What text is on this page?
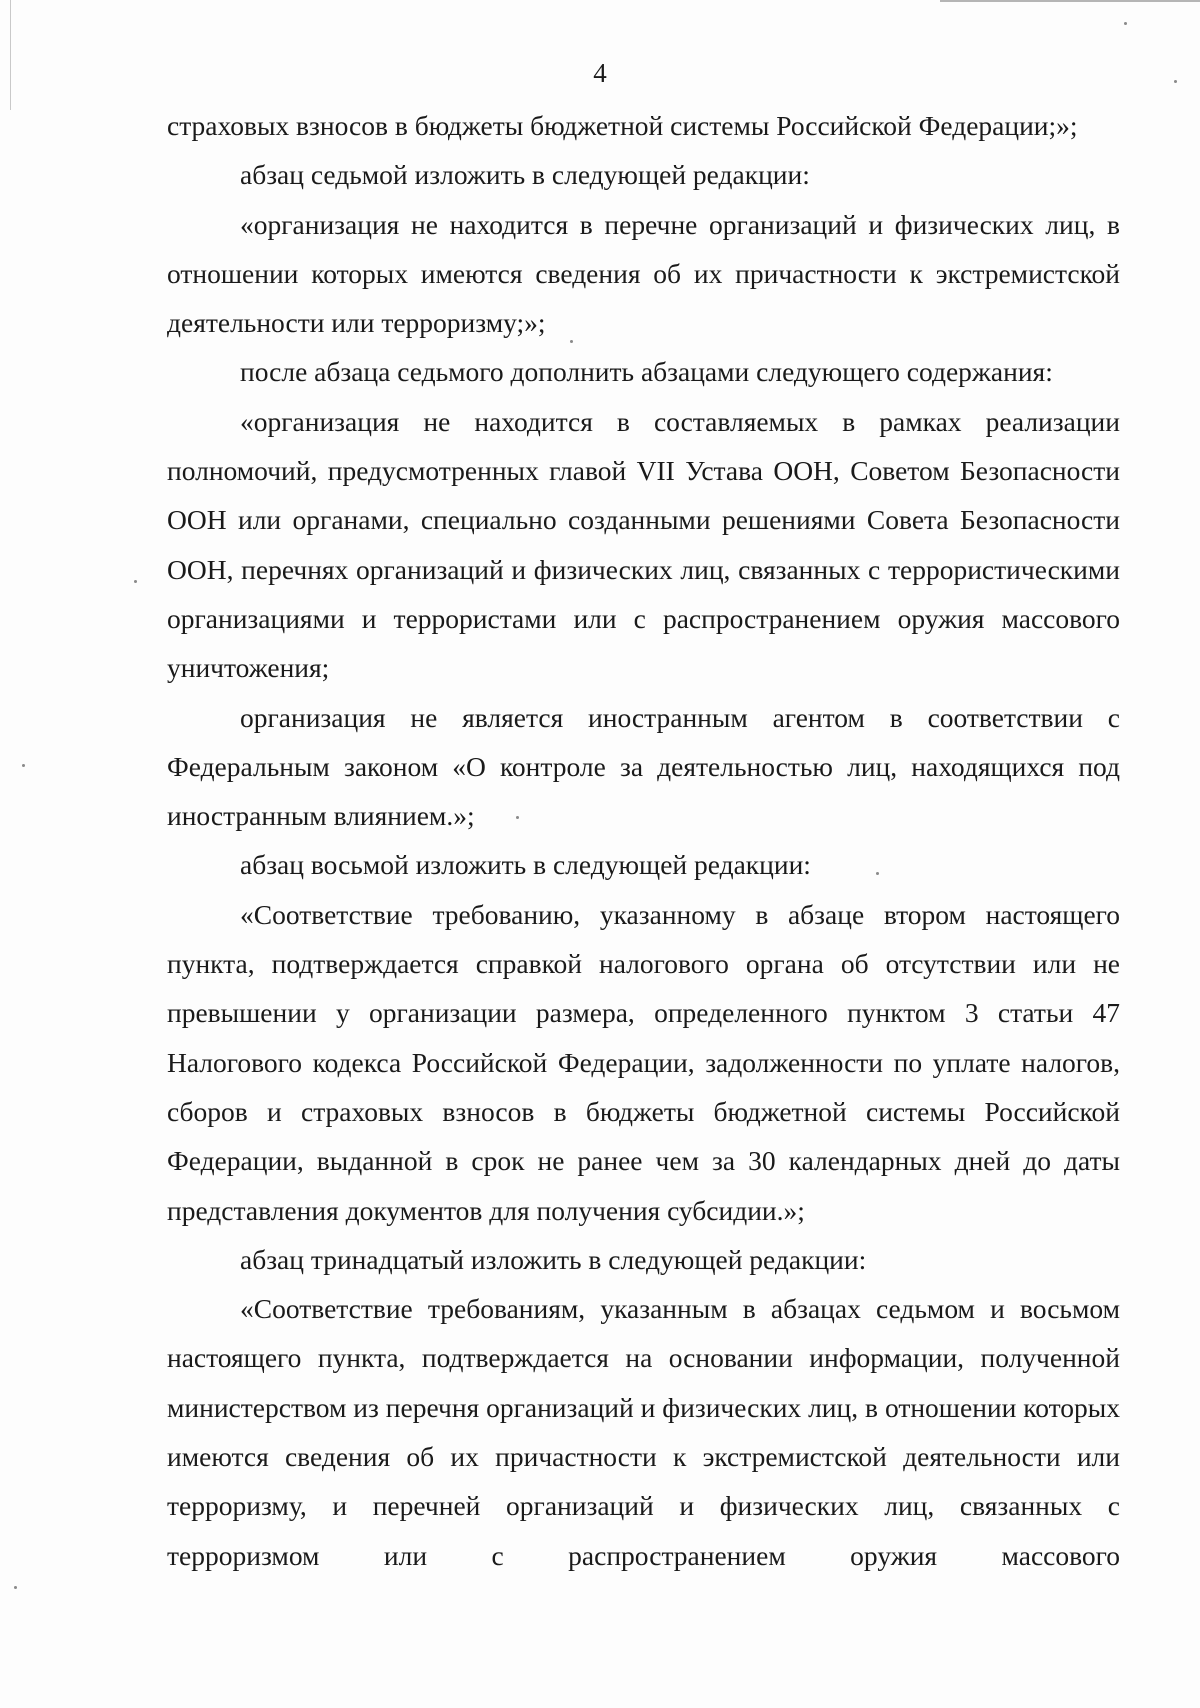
4

страховых взносов в бюджеты бюджетной системы Российской Федерации;»;

абзац седьмой изложить в следующей редакции:

«организация не находится в перечне организаций и физических лиц, в отношении которых имеются сведения об их причастности к экстремистской деятельности или терроризму;»;

после абзаца седьмого дополнить абзацами следующего содержания:

«организация не находится в составляемых в рамках реализации полномочий, предусмотренных главой VII Устава ООН, Советом Безопасности ООН или органами, специально созданными решениями Совета Безопасности ООН, перечнях организаций и физических лиц, связанных с террористическими организациями и террористами или с распространением оружия массового уничтожения;

организация не является иностранным агентом в соответствии с Федеральным законом «О контроле за деятельностью лиц, находящихся под иностранным влиянием.»;

абзац восьмой изложить в следующей редакции:

«Соответствие требованию, указанному в абзаце втором настоящего пункта, подтверждается справкой налогового органа об отсутствии или не превышении у организации размера, определенного пунктом 3 статьи 47 Налогового кодекса Российской Федерации, задолженности по уплате налогов, сборов и страховых взносов в бюджеты бюджетной системы Российской Федерации, выданной в срок не ранее чем за 30 календарных дней до даты представления документов для получения субсидии.»;

абзац тринадцатый изложить в следующей редакции:

«Соответствие требованиям, указанным в абзацах седьмом и восьмом настоящего пункта, подтверждается на основании информации, полученной министерством из перечня организаций и физических лиц, в отношении которых имеются сведения об их причастности к экстремистской деятельности или терроризму, и перечней организаций и физических лиц, связанных с терроризмом или с распространением оружия массового
